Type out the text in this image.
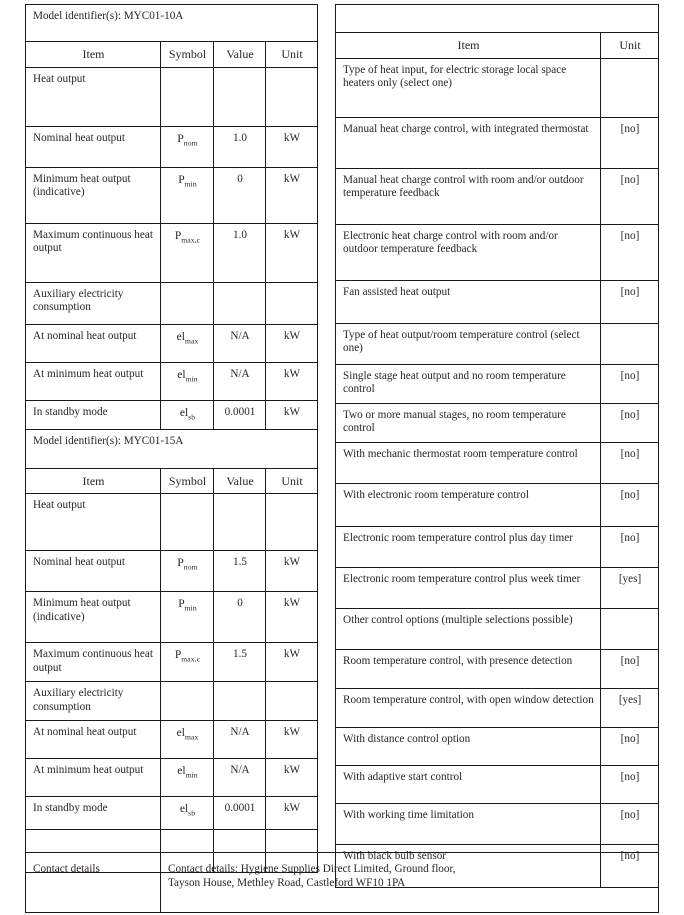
Model identifier(s): MYC01-10A			
Item	Symbol	Value	Unit
Heat output			
Nominal heat output	$P_{nom}$	1.0	kW
Minimum heat output (indicative)	$P_{min}$	0	kW
Maximum continuous heat output	$P_{max,c}$	1.0	kW
Auxiliary electricity consumption			
At nominal heat output	$el_{max}$	N/A	kW
At minimum heat output	$el_{min}$	N/A	kW
In standby mode	$el_{sb}$	0.0001	kW
Model identifier(s): MYC01-15A			
Item	Symbol	Value	Unit
Heat output			
Nominal heat output	$P_{nom}$	1.5	kW
Minimum heat output (indicative)	$P_{min}$	0	kW
Maximum continuous heat output	$P_{max,c}$	1.5	kW
Auxiliary electricity consumption			
At nominal heat output	$el_{max}$	N/A	kW
At minimum heat output	$el_{min}$	N/A	kW
In standby mode	$el_{sb}$	0.0001	kW

Item	Unit
Type of heat input, for electric storage local space heaters only (select one)	
Manual heat charge control, with integrated thermostat	[no]
Manual heat charge control with room and/or outdoor temperature feedback	[no]
Electronic heat charge control with room and/or outdoor temperature feedback	[no]
Fan assisted heat output	[no]
Type of heat output/room temperature control (select one)	
Single stage heat output and no room temperature control	[no]
Two or more manual stages, no room temperature control	[no]
With mechanic thermostat room temperature control	[no]
With electronic room temperature control	[no]
Electronic room temperature control plus day timer	[no]
Electronic room temperature control plus week timer	[yes]
Other control options (multiple selections possible)	
Room temperature control, with presence detection	[no]
Room temperature control, with open window detection	[yes]
With distance control option	[no]
With adaptive start control	[no]
With working time limitation	[no]
With black bulb sensor	[no]
Contact details	Contact details: Hygiene Supplies Direct Limited, Ground floor,
Tayson House, Methley Road, Castleford WF10 1PA
